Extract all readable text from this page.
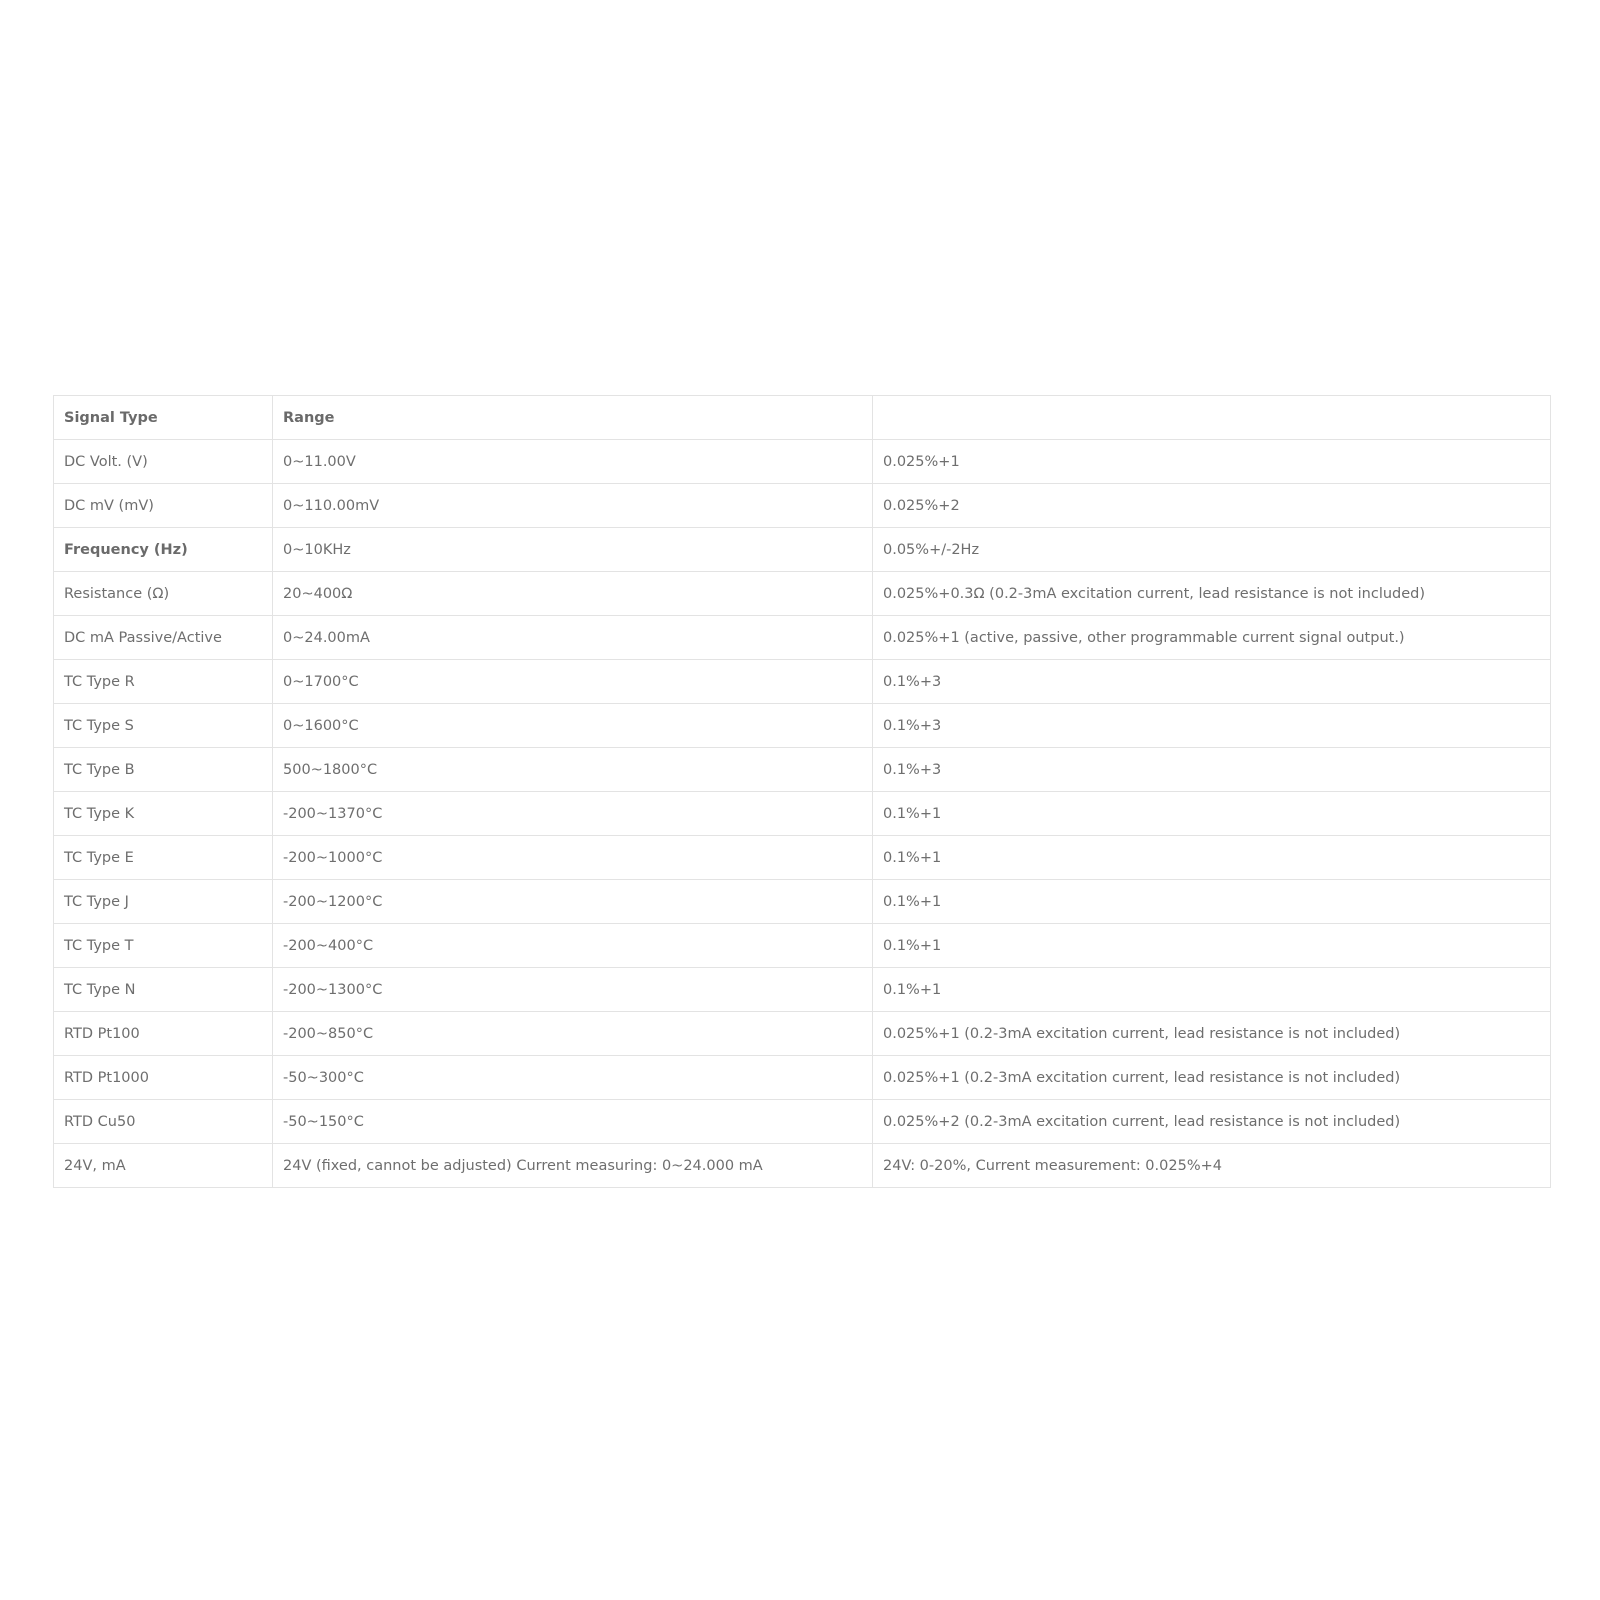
Signal Type	Range	
DC Volt. (V)	0~11.00V	0.025%+1
DC mV (mV)	0~110.00mV	0.025%+2
Frequency (Hz)	0~10KHz	0.05%+/-2Hz
Resistance (Ω)	20~400Ω	0.025%+0.3Ω (0.2-3mA excitation current, lead resistance is not included)
DC mA Passive/Active	0~24.00mA	0.025%+1 (active, passive, other programmable current signal output.)
TC Type R	0~1700°C	0.1%+3
TC Type S	0~1600°C	0.1%+3
TC Type B	500~1800°C	0.1%+3
TC Type K	-200~1370°C	0.1%+1
TC Type E	-200~1000°C	0.1%+1
TC Type J	-200~1200°C	0.1%+1
TC Type T	-200~400°C	0.1%+1
TC Type N	-200~1300°C	0.1%+1
RTD Pt100	-200~850°C	0.025%+1 (0.2-3mA excitation current, lead resistance is not included)
RTD Pt1000	-50~300°C	0.025%+1 (0.2-3mA excitation current, lead resistance is not included)
RTD Cu50	-50~150°C	0.025%+2 (0.2-3mA excitation current, lead resistance is not included)
24V, mA	24V (fixed, cannot be adjusted) Current measuring: 0~24.000 mA	24V: 0-20%, Current measurement: 0.025%+4
